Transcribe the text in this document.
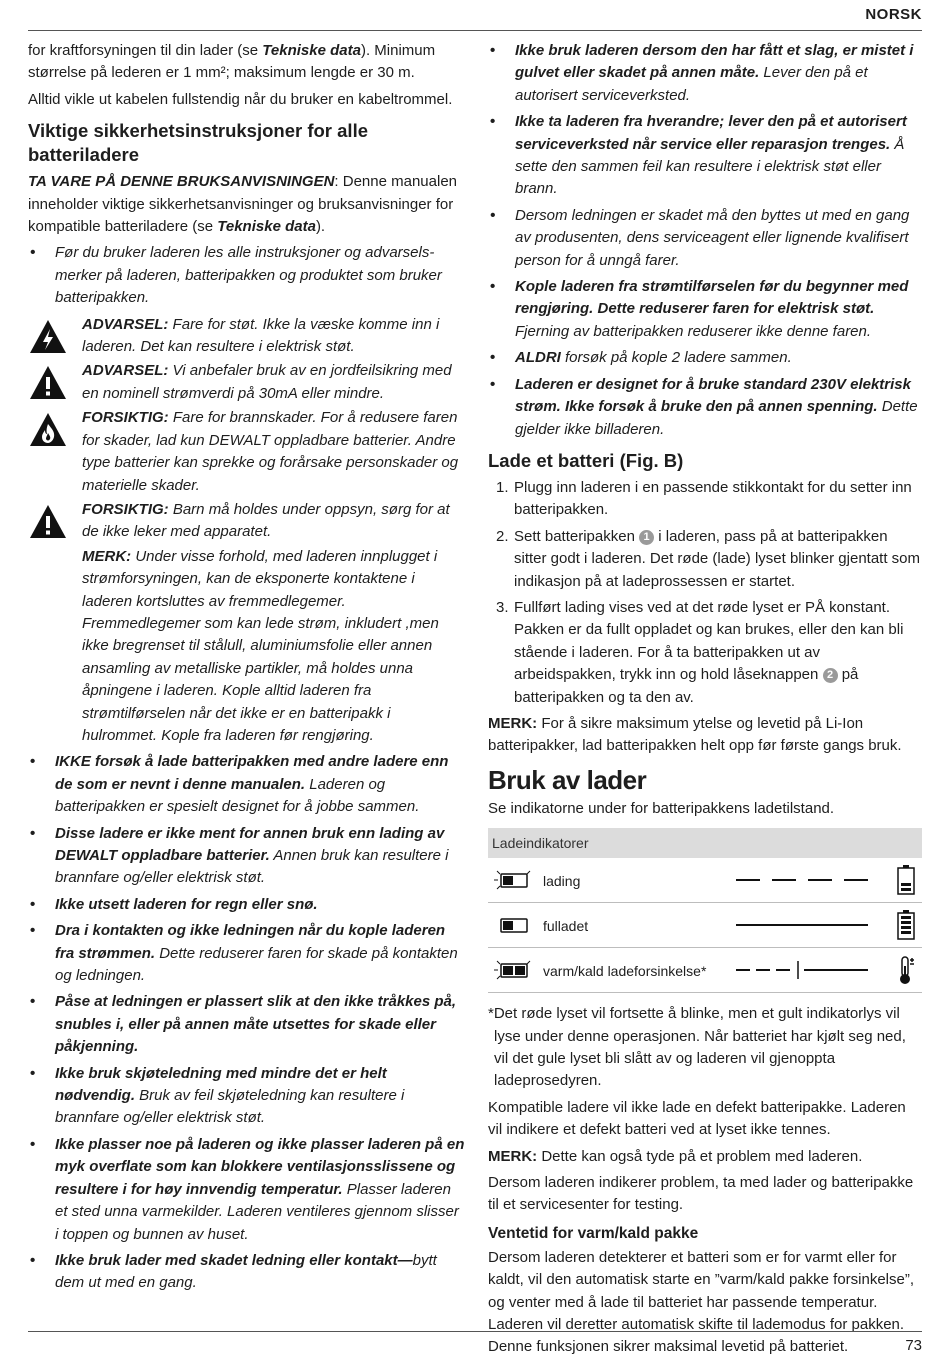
NORSK

for kraftforsyningen til din lader (se Tekniske data). Minimum størrelse på lederen er 1 mm²; maksimum lengde er 30 m.

Alltid vikle ut kabelen fullstendig når du bruker en kabeltrommel.

Viktige sikkerhetsinstruksjoner for alle batteriladere

TA VARE PÅ DENNE BRUKSANVISNINGEN: Denne manualen inneholder viktige sikkerhetsanvisninger og bruksanvisninger for kompatible batteriladere (se Tekniske data).

• Før du bruker laderen les alle instruksjoner og advarsels-merker på laderen, batteripakken og produktet som bruker batteripakken.
ADVARSEL: Fare for støt. Ikke la væske komme inn i laderen. Det kan resultere i elektrisk støt.
ADVARSEL: Vi anbefaler bruk av en jordfeilsikring med en nominell strømverdi på 30mA eller mindre.
FORSIKTIG: Fare for brannskader. For å redusere faren for skader, lad kun DEWALT oppladbare batterier. Andre type batterier kan sprekke og forårsake personskader og materielle skader.
FORSIKTIG: Barn må holdes under oppsyn, sørg for at de ikke leker med apparatet.

MERK: Under visse forhold, med laderen innplugget i strømforsyningen, kan de eksponerte kontaktene i laderen kortsluttes av fremmedlegemer. Fremmedlegemer som kan lede strøm, inkludert ,men ikke bregrenset til stålull, aluminiumsfolie eller annen ansamling av metalliske partikler, må holdes unna åpningene i laderen. Kople alltid laderen fra strømtilførselen når det ikke er en batteripakk i hulrommet. Kople fra laderen før rengjøring.

• IKKE forsøk å lade batteripakken med andre ladere enn de som er nevnt i denne manualen. Laderen og batteripakken er spesielt designet for å jobbe sammen.
• Disse ladere er ikke ment for annen bruk enn lading av DEWALT oppladbare batterier. Annen bruk kan resultere i brannfare og/eller elektrisk støt.
• Ikke utsett laderen for regn eller snø.
• Dra i kontakten og ikke ledningen når du kople laderen fra strømmen. Dette reduserer faren for skade på kontakten og ledningen.
• Påse at ledningen er plassert slik at den ikke tråkkes på, snubles i, eller på annen måte utsettes for skade eller påkjenning.
• Ikke bruk skjøteledning med mindre det er helt nødvendig. Bruk av feil skjøteledning kan resultere i brannfare og/eller elektrisk støt.
• Ikke plasser noe på laderen og ikke plasser laderen på en myk overflate som kan blokkere ventilasjonsslissene og resultere i for høy innvendig temperatur. Plasser laderen et sted unna varmekilder. Laderen ventileres gjennom slisser i toppen og bunnen av huset.
• Ikke bruk lader med skadet ledning eller kontakt—bytt dem ut med en gang.
• Ikke bruk laderen dersom den har fått et slag, er mistet i gulvet eller skadet på annen måte. Lever den på et autorisert serviceverksted.
• Ikke ta laderen fra hverandre; lever den på et autorisert serviceverksted når service eller reparasjon trenges. Å sette den sammen feil kan resultere i elektrisk støt eller brann.
• Dersom ledningen er skadet må den byttes ut med en gang av produsenten, dens serviceagent eller lignende kvalifisert person for å unngå farer.
• Kople laderen fra strømtilførselen før du begynner med rengjøring. Dette reduserer faren for elektrisk støt. Fjerning av batteripakken reduserer ikke denne faren.
• ALDRI forsøk på kople 2 ladere sammen.
• Laderen er designet for å bruke standard 230V elektrisk strøm. Ikke forsøk å bruke den på annen spenning. Dette gjelder ikke billaderen.
Lade et batteri (Fig. B)
1. Plugg inn laderen i en passende stikkontakt for du setter inn batteripakken.
2. Sett batteripakken 1 i laderen, pass på at batteripakken sitter godt i laderen. Det røde (lade) lyset blinker gjentatt som indikasjon på at ladeprossessen er startet.
3. Fullført lading vises ved at det røde lyset er PÅ konstant. Pakken er da fullt oppladet og kan brukes, eller den kan bli stående i laderen. For å ta batteripakken ut av arbeidspakken, trykk inn og hold låseknappen 2 på batteripakken og ta den av.

MERK: For å sikre maksimum ytelse og levetid på Li-Ion batteripakker, lad batteripakken helt opp før første gangs bruk.

Bruk av lader

Se indikatorne under for batteripakkens ladetilstand.

Ladeindikatorer
lading
fulladet
varm/kald ladeforsinkelse*

*Det røde lyset vil fortsette å blinke, men et gult indikatorlys vil lyse under denne operasjonen. Når batteriet har kjølt seg ned, vil det gule lyset bli slått av og laderen vil gjenoppta ladeprosedyren.

Kompatible ladere vil ikke lade en defekt batteripakke. Laderen vil indikere et defekt batteri ved at lyset ikke tennes.

MERK: Dette kan også tyde på et problem med laderen.

Dersom laderen indikerer problem, ta med lader og batteripakke til et servicesenter for testing.

Ventetid for varm/kald pakke

Dersom laderen detekterer et batteri som er for varmt eller for kaldt, vil den automatisk starte en ”varm/kald pakke forsinkelse”, og venter med å lade til batteriet har passende temperatur. Laderen vil deretter automatisk skifte til lademodus for pakken. Denne funksjonen sikrer maksimal levetid på batteriet.	73
